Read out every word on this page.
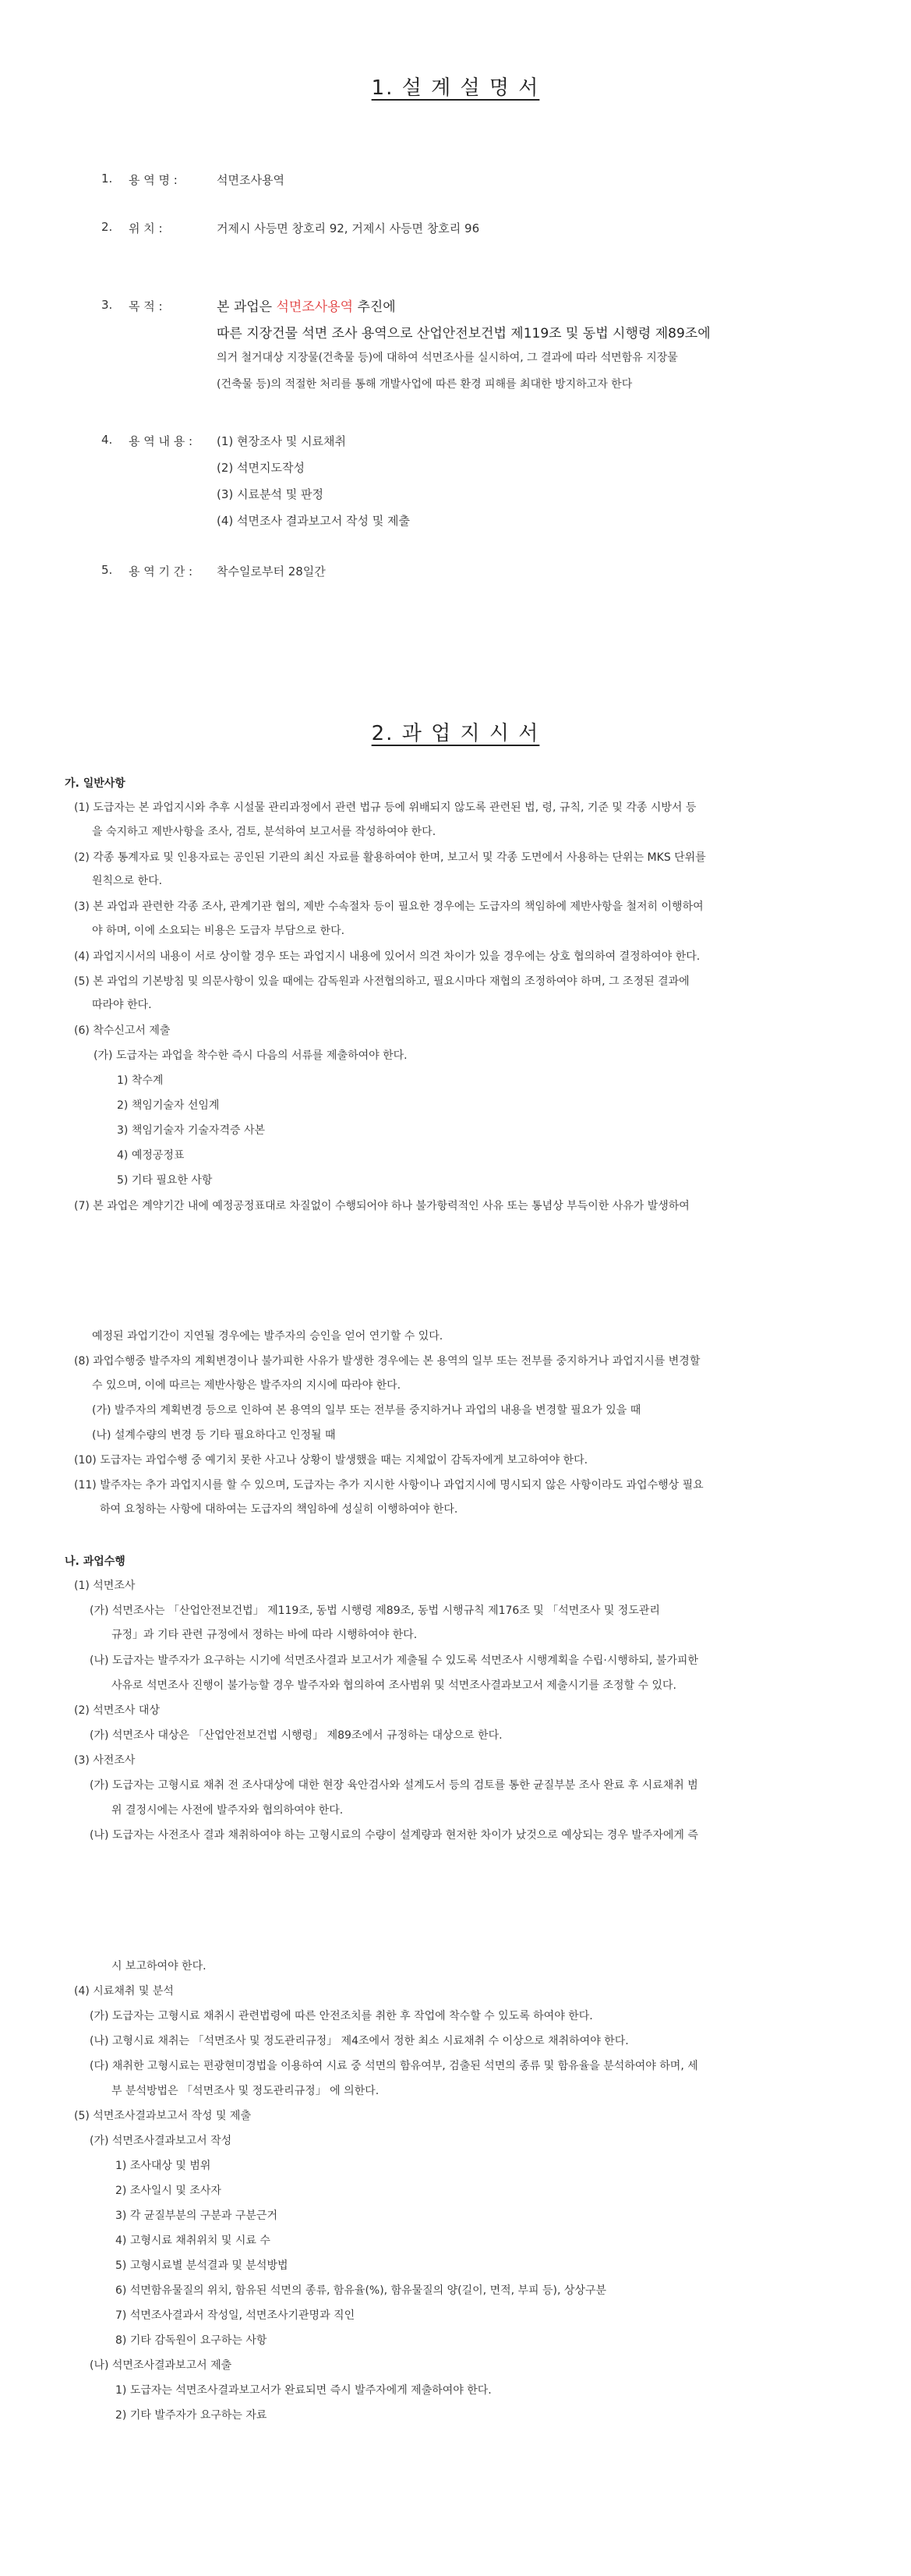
1. 설 계 설 명 서
1. 용 역 명 :	석면조사용역
2. 위 치 :	거제시 사등면 창호리 92, 거제시 사등면 창호리 96
3. 목 적 :	본 과업은 석면조사용역 추진에
따른 지장건물 석면 조사 용역으로 산업안전보건법 제119조 및 동법 시행령 제89조에
의거 철거대상 지장물(건축물 등)에 대하여 석면조사를 실시하여, 그 결과에 따라 석면함유 지장물
(건축물 등)의 적절한 처리를 통해 개발사업에 따른 환경 피해를 최대한 방지하고자 한다
4. 용 역 내 용 : (1) 현장조사 및 시료채취
(2) 석면지도작성
(3) 시료분석 및 판정
(4) 석면조사 결과보고서 작성 및 제출
5. 용 역 기 간 : 착수일로부터 28일간
2. 과 업 지 시 서
가. 일반사항
(1) 도급자는 본 과업지시와 추후 시설물 관리과정에서 관련 법규 등에 위배되지 않도록 관련된 법, 령, 규칙, 기준 및 각종 시방서 등
을 숙지하고 제반사항을 조사, 검토, 분석하여 보고서를 작성하여야 한다.
(2) 각종 통계자료 및 인용자료는 공인된 기관의 최신 자료를 활용하여야 한며, 보고서 및 각종 도면에서 사용하는 단위는 MKS 단위를
원칙으로 한다.
(3) 본 과업과 관련한 각종 조사, 관계기관 협의, 제반 수속절차 등이 필요한 경우에는 도급자의 책임하에 제반사항을 철저히 이행하여
야 하며, 이에 소요되는 비용은 도급자 부담으로 한다.
(4) 과업지시서의 내용이 서로 상이할 경우 또는 과업지시 내용에 있어서 의견 차이가 있을 경우에는 상호 협의하여 결정하여야 한다.
(5) 본 과업의 기본방침 및 의문사항이 있을 때에는 감독원과 사전협의하고, 필요시마다 재협의 조정하여야 하며, 그 조정된 결과에
따라야 한다.
(6) 착수신고서 제출
(가) 도급자는 과업을 착수한 즉시 다음의 서류를 제출하여야 한다.
1) 착수계
2) 책임기술자 선임계
3) 책임기술자 기술자격증 사본
4) 예정공정표
5) 기타 필요한 사항
(7) 본 과업은 계약기간 내에 예정공정표대로 차질없이 수행되어야 하나 불가항력적인 사유 또는 통념상 부득이한 사유가 발생하여
예정된 과업기간이 지연될 경우에는 발주자의 승인을 얻어 연기할 수 있다.
(8) 과업수행중 발주자의 계획변경이나 불가피한 사유가 발생한 경우에는 본 용역의 일부 또는 전부를 중지하거나 과업지시를 변경할
수 있으며, 이에 따르는 제반사항은 발주자의 지시에 따라야 한다.
(가) 발주자의 계획변경 등으로 인하여 본 용역의 일부 또는 전부를 중지하거나 과업의 내용을 변경할 필요가 있을 때
(나) 설계수량의 변경 등 기타 필요하다고 인정될 때
(10) 도급자는 과업수행 중 예기치 못한 사고나 상황이 발생했을 때는 지체없이 감독자에게 보고하여야 한다.
(11) 발주자는 추가 과업지시를 할 수 있으며, 도급자는 추가 지시한 사항이나 과업지시에 명시되지 않은 사항이라도 과업수행상 필요
하여 요청하는 사항에 대하여는 도급자의 책임하에 성실히 이행하여야 한다.
나. 과업수행
(1) 석면조사
(가) 석면조사는 「산업안전보건법」 제119조, 동법 시행령 제89조, 동법 시행규칙 제176조 및 「석면조사 및 정도관리
규정」과 기타 관련 규정에서 정하는 바에 따라 시행하여야 한다.
(나) 도급자는 발주자가 요구하는 시기에 석면조사결과 보고서가 제출될 수 있도록 석면조사 시행계획을 수립·시행하되, 불가피한
사유로 석면조사 진행이 불가능할 경우 발주자와 협의하여 조사범위 및 석면조사결과보고서 제출시기를 조정할 수 있다.
(2) 석면조사 대상
(가) 석면조사 대상은 「산업안전보건법 시행령」 제89조에서 규정하는 대상으로 한다.
(3) 사전조사
(가) 도급자는 고형시료 채취 전 조사대상에 대한 현장 육안검사와 설계도서 등의 검토를 통한 균질부분 조사 완료 후 시료채취 범
위 결정시에는 사전에 발주자와 협의하여야 한다.
(나) 도급자는 사전조사 결과 채취하여야 하는 고형시료의 수량이 설계량과 현저한 차이가 났것으로 예상되는 경우 발주자에게 즉
시 보고하여야 한다.
(4) 시료채취 및 분석
(가) 도급자는 고형시료 채취시 관련법령에 따른 안전조치를 취한 후 작업에 착수할 수 있도록 하여야 한다.
(나) 고형시료 채취는 「석면조사 및 정도관리규정」 제4조에서 정한 최소 시료채취 수 이상으로 채취하여야 한다.
(다) 채취한 고형시료는 편광현미경법을 이용하여 시료 중 석면의 함유여부, 검출된 석면의 종류 및 함유율을 분석하여야 하며, 세
부 분석방법은 「석면조사 및 정도관리규정」 에 의한다.
(5) 석면조사결과보고서 작성 및 제출
(가) 석면조사결과보고서 작성
1) 조사대상 및 범위
2) 조사일시 및 조사자
3) 각 균질부분의 구분과 구분근거
4) 고형시료 채취위치 및 시료 수
5) 고형시료별 분석결과 및 분석방법
6) 석면함유물질의 위치, 함유된 석면의 종류, 함유율(%), 함유물질의 양(길이, 면적, 부피 등), 상상구분
7) 석면조사결과서 작성일, 석면조사기관명과 직인
8) 기타 감독원이 요구하는 사항
(나) 석면조사결과보고서 제출
1) 도급자는 석면조사결과보고서가 완료되면 즉시 발주자에게 제출하여야 한다.
2) 기타 발주자가 요구하는 자료
